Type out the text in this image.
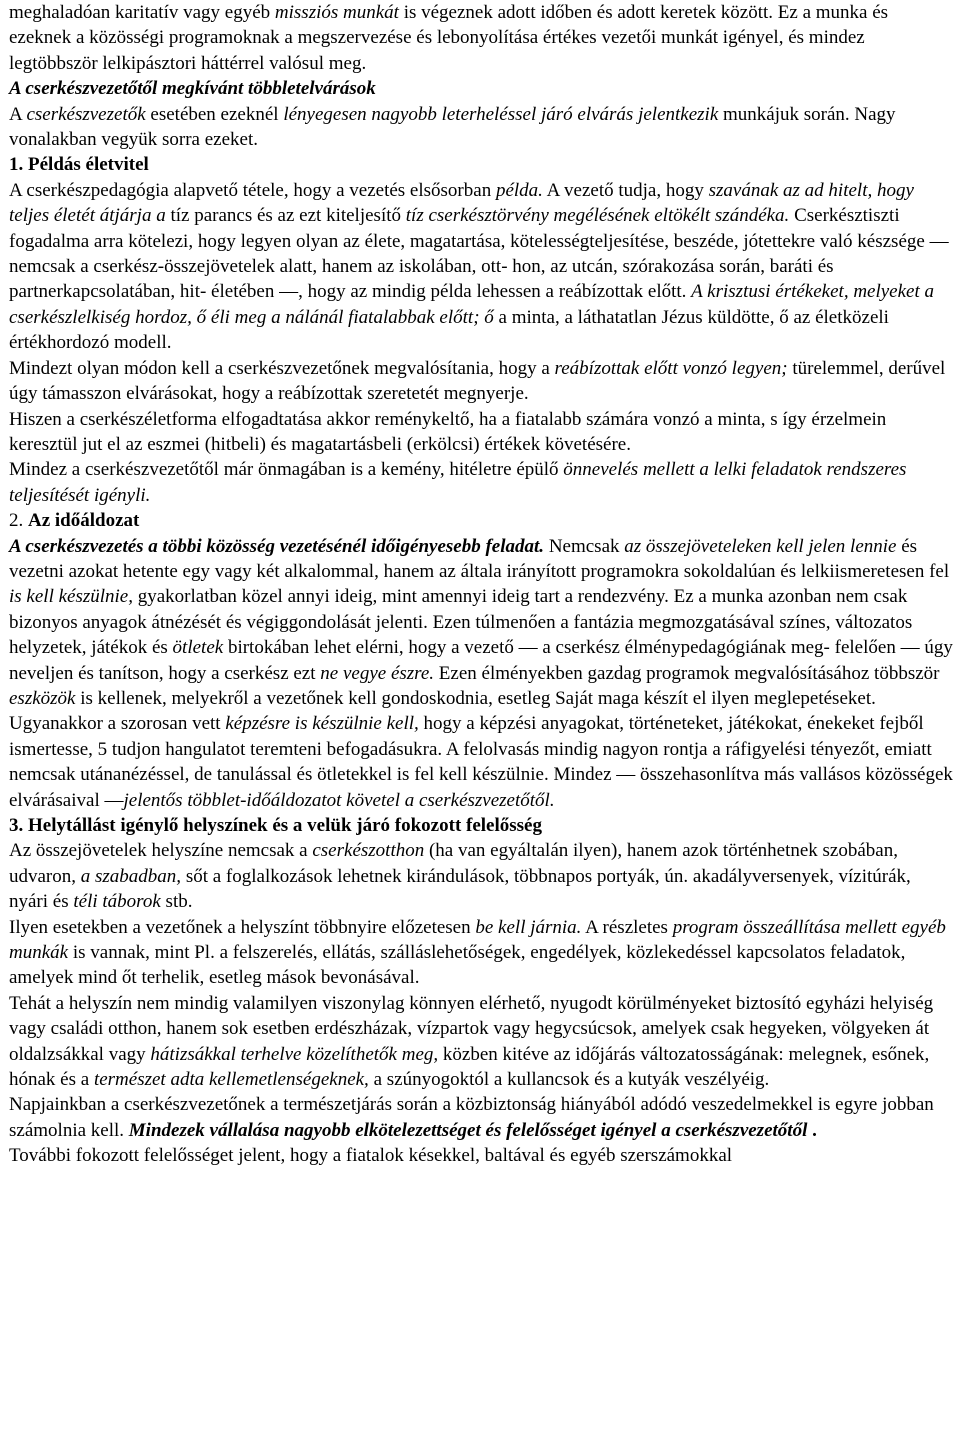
meghaladóan karitatív vagy egyéb missziós munkát is végeznek adott időben és adott keretek között. Ez a munka és ezeknek a közösségi programoknak a megszervezése és lebonyolítása értékes vezetői munkát igényel, és mindez legtöbbször lelkipásztori háttérrel valósul meg.

A cserkészvezetőtől megkívánt többletelvárások

A cserkészvezetők esetében ezeknél lényegesen nagyobb leterheléssel járó elvárás jelentkezik munkájuk során. Nagy vonalakban vegyük sorra ezeket.

1. Példás életvitel

A cserkészpedagógia alapvető tétele, hogy a vezetés elsősorban példa. A vezető tudja, hogy szavának az ad hitelt, hogy teljes életét átjárja a tíz parancs és az ezt kiteljesítő tíz cserkésztörvény megélésének eltökélt szándéka. Cserkésztiszti fogadalma arra kötelezi, hogy legyen olyan az élete, magatartása, kötelességteljesítése, beszéde, jótettekre való készsége — nemcsak a cserkész-összejövetelek alatt, hanem az iskolában, ott- hon, az utcán, szórakozása során, baráti és partnerkapcsolatában, hit- életében —, hogy az mindig példa lehessen a reábízottak előtt. A krisztusi értékeket, melyeket a cserkészlelkiség hordoz, ő éli meg a nálánál fiatalabbak előtt; ő a minta, a láthatatlan Jézus küldötte, ő az életközeli értékhordozó modell.

Mindezt olyan módon kell a cserkészvezetőnek megvalósítania, hogy a reábízottak előtt vonzó legyen; türelemmel, derűvel úgy támasszon elvárásokat, hogy a reábízottak szeretetét megnyerje.

Hiszen a cserkészéletforma elfogadtatása akkor reménykeltő, ha a fiatalabb számára vonzó a minta, s így érzelmein keresztül jut el az eszmei (hitbeli) és magatartásbeli (erkölcsi) értékek követésére.

Mindez a cserkészvezetőtől már önmagában is a kemény, hitéletre épülő önnevelés mellett a lelki feladatok rendszeres teljesítését igényli.

2. Az időáldozat

A cserkészvezetés a többi közösség vezetésénél időigényesebb feladat. Nemcsak az összejöveteleken kell jelen lennie és vezetni azokat hetente egy vagy két alkalommal, hanem az általa irányított programokra sokoldalúan és lelkiismeretesen fel is kell készülnie, gyakorlatban közel annyi ideig, mint amennyi ideig tart a rendezvény. Ez a munka azonban nem csak bizonyos anyagok átnézését és végiggondolását jelenti. Ezen túlmenően a fantázia megmozgatásával színes, változatos helyzetek, játékok és ötletek birtokában lehet elérni, hogy a vezető — a cserkész élménypedagógiának meg- felelően — úgy neveljen és tanítson, hogy a cserkész ezt ne vegye észre. Ezen élményekben gazdag programok megvalósításához többször eszközök is kellenek, melyekről a vezetőnek kell gondoskodnia, esetleg Saját maga készít el ilyen meglepetéseket. Ugyanakkor a szorosan vett képzésre is készülnie kell, hogy a képzési anyagokat, történeteket, játékokat, énekeket fejből ismertesse, 5 tudjon hangulatot teremteni befogadásukra. A felolvasás mindig nagyon rontja a ráfigyelési tényezőt, emiatt nemcsak utánanézéssel, de tanulással és ötletekkel is fel kell készülnie. Mindez — összehasonlítva más vallásos közösségek elvárásaival —jelentős többlet-időáldozatot követel a cserkészvezetőtől.

3. Helytállást igénylő helyszínek és a velük járó fokozott felelősség

Az összejövetelek helyszíne nemcsak a cserkészotthon (ha van egyáltalán ilyen), hanem azok történhetnek szobában, udvaron, a szabadban, sőt a foglalkozások lehetnek kirándulások, többnapos portyák, ún. akadályversenyek, vízitúrák, nyári és téli táborok stb.

Ilyen esetekben a vezetőnek a helyszínt többnyire előzetesen be kell járnia. A részletes program összeállítása mellett egyéb munkák is vannak, mint Pl. a felszerelés, ellátás, szálláslehetőségek, engedélyek, közlekedéssel kapcsolatos feladatok, amelyek mind őt terhelik, esetleg mások bevonásával.

Tehát a helyszín nem mindig valamilyen viszonylag könnyen elérhető, nyugodt körülményeket biztosító egyházi helyiség vagy családi otthon, hanem sok esetben erdészházak, vízpartok vagy hegycsúcsok, amelyek csak hegyeken, völgyeken át oldalzsákkal vagy hátizsákkal terhelve közelíthetők meg, közben kitéve az időjárás változatosságának: melegnek, esőnek, hónak és a természet adta kellemetlenségeknek, a szúnyogoktól a kullancsok és a kutyák veszélyéig.

Napjainkban a cserkészvezetőnek a természetjárás során a közbiztonság hiányából adódó veszedelmekkel is egyre jobban számolnia kell. Mindezek vállalása nagyobb elkötelezettséget és felelősséget igényel a cserkészvezetőtől .

További fokozott felelősséget jelent, hogy a fiatalok késekkel, baltával és egyéb szerszámokkal
